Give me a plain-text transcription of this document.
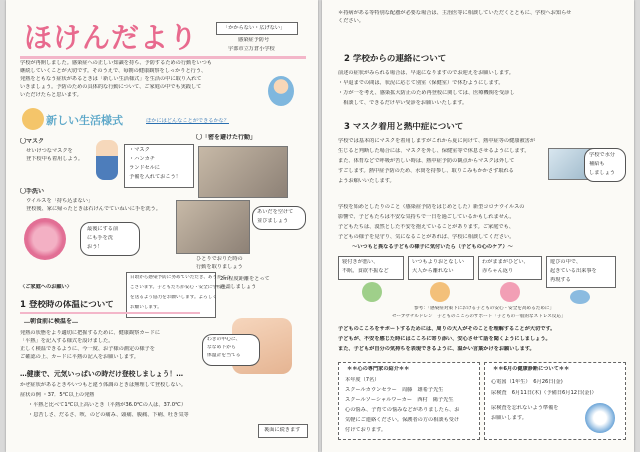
ほけんだより	「かからない・広げない」
感染症予防号
宇部市立万倉小学校
学校が再開しました。感染症への正しい知識を持ち、予防するための行動をいつも
継続していくことが大切です。そのうえで、毎朝の健康観察をしっかりと行う、
発熱をともなう症状があるときは「新しい生活様式」を生活の中に取り入れて
いきましょう。予防のための具体的な行動について、ご家庭の中でも実践して
いただけたらと思います。
新しい生活様式	ほかにはどんなことができるかな？
〇マスク
せいけつなマスクを
登下校中も着用しよう。
・マスク
・ハンカチ
ランドセルに
予備を入れておこう！
〇「密を避けた行動」
〇手洗い
ウイルスを「持ち込まない」
登校後、家に帰ったときは石けんでていねいに手を洗う。
最後にする前
にも手を洗
おう！
あいだを空けて
並びましょう
ひとりでおりた時の
行動を取りましょう
2m程度距離をとって
過ごしましょう
〈ご家庭へのお願い〉
日頃から感染予防に努めていただき、ありがとう
ございます。子どもたちが安心・安全に学校生活
を送るよう協力をお願いします。よろしく
お願いします。
1 登校時の体温について
…朝食前に検温を…
発熱の状態をより適切に把握するために、健康観察カードに
「平熱」を記入する様式を設けました。
正しく検温できるように、今一度、お子様の測定の様子を
ご確認の上、カードに平熱の記入をお願いします。
わきの中心に、
ななめ下から
体温計を当てる
…健康で、元気いっぱいの時だけ登校しましょう！…
かぜ症状があるときやいつもと違う体調のときは無理して登校しない。
症状の例 ・37．5℃以上の発熱
・平熱と比べて1℃以上高いとき（平熱が36.0℃の人は、37.0℃）
・息苦しさ、だるさ、咳、のどの痛み、頭痛、腹痛、下痢、吐き気等
裏面に続きます
＊持病がある等特別な配慮が必要な場合は、主治医等に相談していただくとともに、学校へお知らせ
ください。
2 学校からの連絡について
前述の症状がみられる場合は、早退になりますのでお迎えをお願いします。
・早退までの間は、状況に応じて別室（保健室）で休むようにします。
・万が一を考え、感染拡大防止のため再登校に関しては、医療機関を受診し
　相談して、できるだけ早い受診をお願いいたします。
3 マスク着用と熱中症について
学校では基本的にマスクを着用しますがこれから夏に向けて、熱中症等の健康被害が
生じると判断した場合には、マスクを外し、保健室等で休息させるようにします。
また、体育などで呼吸が苦しい時は、熱中症予防の観点からマスクは外して
すごします。熱中症予防のため、水筒を持参し、取りこみもかかさず取れる
ようお願いいたします。
学校で水分
補給も
しましょう
学校を始めとしたりのこと（感染症予防をはじめとした）新型コロナウイルスの
影響で、子どもたちは不安な気持ちで一日を過ごしているかもしれません。
子どもたちは、漠然とした不安を抱えていることがあります。ご家庭でも、
子どもの様子を見守り、気になることがあれば、学校に相談してください。
～いつもと異なる子どもの様子に気付いたら（子どもの心のケア）～
寝付きが悪い、
不眠、食欲不振など
いつもよりおとなしい
大人から離れない
わがままがひどい、
赤ちゃん返り
遊びの中で、
起きている出来事を
再現する
参考：「感染症対策下における子どもの安心・安全を高めるために」
セーブザチルドレン　子どものこころのサポート「子どもの一般的なストレス反応」
子どものこころをサポートするためには、周りの大人がそのことを理解することが大切です。
子どもが、不安を感じた時にはこころに寄り添い、安心させて話を聞くようにしましょう。
また、子どもが自分の気持ちを表現できるように、温かい言葉かけをお願いします。
＊＊心の専門家の紹介＊＊
本年度（7名）
スクールカウンセラー　周藤　雄希子先生
スクールソーシャルワーカー　西村　陽子先生
心の悩み、子育ての悩みなどがありましたら、お
気軽にご連絡ください。保護者の方の相談も受け
付けております。
＊＊6月の健康診断について＊＊
心電図（1年生）　6月26日(金)
尿検査　6月11日(木)（予備日6月12日(金)）
尿検査を忘れないよう準備を
お願いします。
